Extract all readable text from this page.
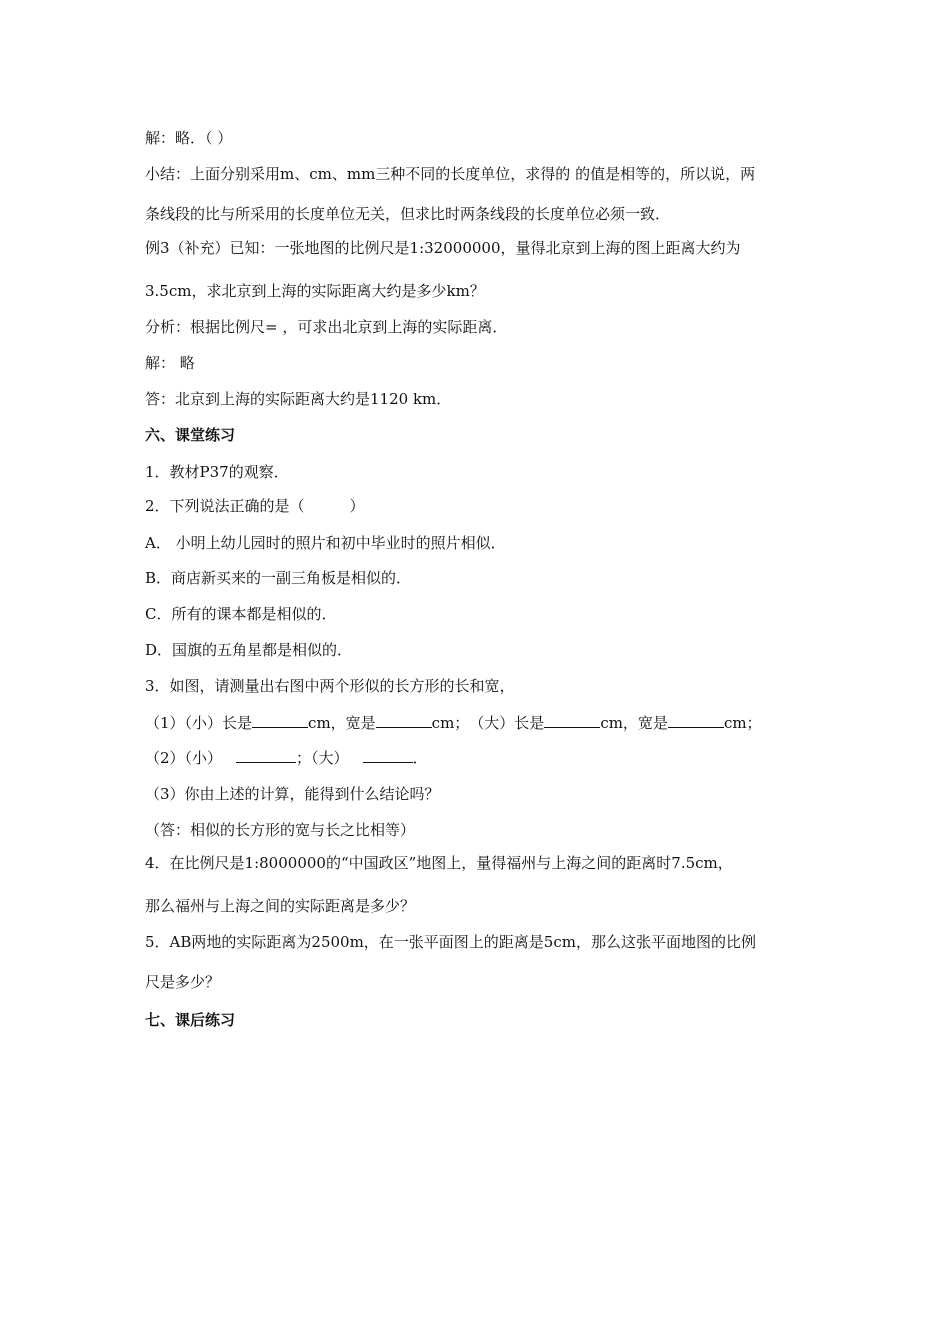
解：略．（ ）
小结：上面分别采用m、cm、mm三种不同的长度单位，求得的 的值是相等的，所以说，两
条线段的比与所采用的长度单位无关，但求比时两条线段的长度单位必须一致．
例3（补充）已知：一张地图的比例尺是1:32000000，量得北京到上海的图上距离大约为
3.5cm，求北京到上海的实际距离大约是多少km？
分析：根据比例尺= ，可求出北京到上海的实际距离．
解： 略
答：北京到上海的实际距离大约是1120 km．
六、课堂练习
1．教材P37的观察．
2．下列说法正确的是（　　　）
A． 小明上幼儿园时的照片和初中毕业时的照片相似．
B．商店新买来的一副三角板是相似的．
C．所有的课本都是相似的．
D．国旗的五角星都是相似的．
3．如图，请测量出右图中两个形似的长方形的长和宽，
（1）（小）长是	cm，宽是	cm；　（大）长是	cm，宽是	cm；
（2）（小）	；（大）	．
（3）你由上述的计算，能得到什么结论吗？
（答：相似的长方形的宽与长之比相等）
4．在比例尺是1:8000000的“中国政区”地图上，量得福州与上海之间的距离时7.5cm，
那么福州与上海之间的实际距离是多少？
5．AB两地的实际距离为2500m，在一张平面图上的距离是5cm，那么这张平面地图的比例
尺是多少？
七、课后练习
